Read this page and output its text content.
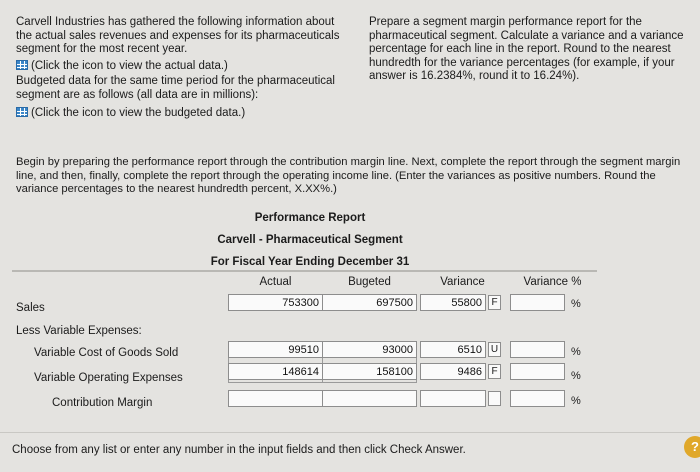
Carvell Industries has gathered the following information about
the actual sales revenues and expenses for its pharmaceuticals
segment for the most recent year.
(Click the icon to view the actual data.)
Budgeted data for the same time period for the pharmaceutical
segment are as follows (all data are in millions):
(Click the icon to view the budgeted data.)
Prepare a segment margin performance report for the
pharmaceutical segment. Calculate a variance and a variance
percentage for each line in the report. Round to the nearest
hundredth for the variance percentages (for example, if your
answer is 16.2384%, round it to 16.24%).
Begin by preparing the performance report through the contribution margin line. Next, complete the report through the segment margin
line, and then, finally, complete the report through the operating income line. (Enter the variances as positive numbers. Round the
variance percentages to the nearest hundredth percent, X.XX%.)
Performance Report
Carvell - Pharmaceutical Segment
For Fiscal Year Ending December 31
Actual	Bugeted	Variance	Variance %
Sales	753300	697500	55800 F	%
Less Variable Expenses:
Variable Cost of Goods Sold	99510	93000	6510 U	%
Variable Operating Expenses	148614	158100	9486 F	%
Contribution Margin	%
Choose from any list or enter any number in the input fields and then click Check Answer.	?
